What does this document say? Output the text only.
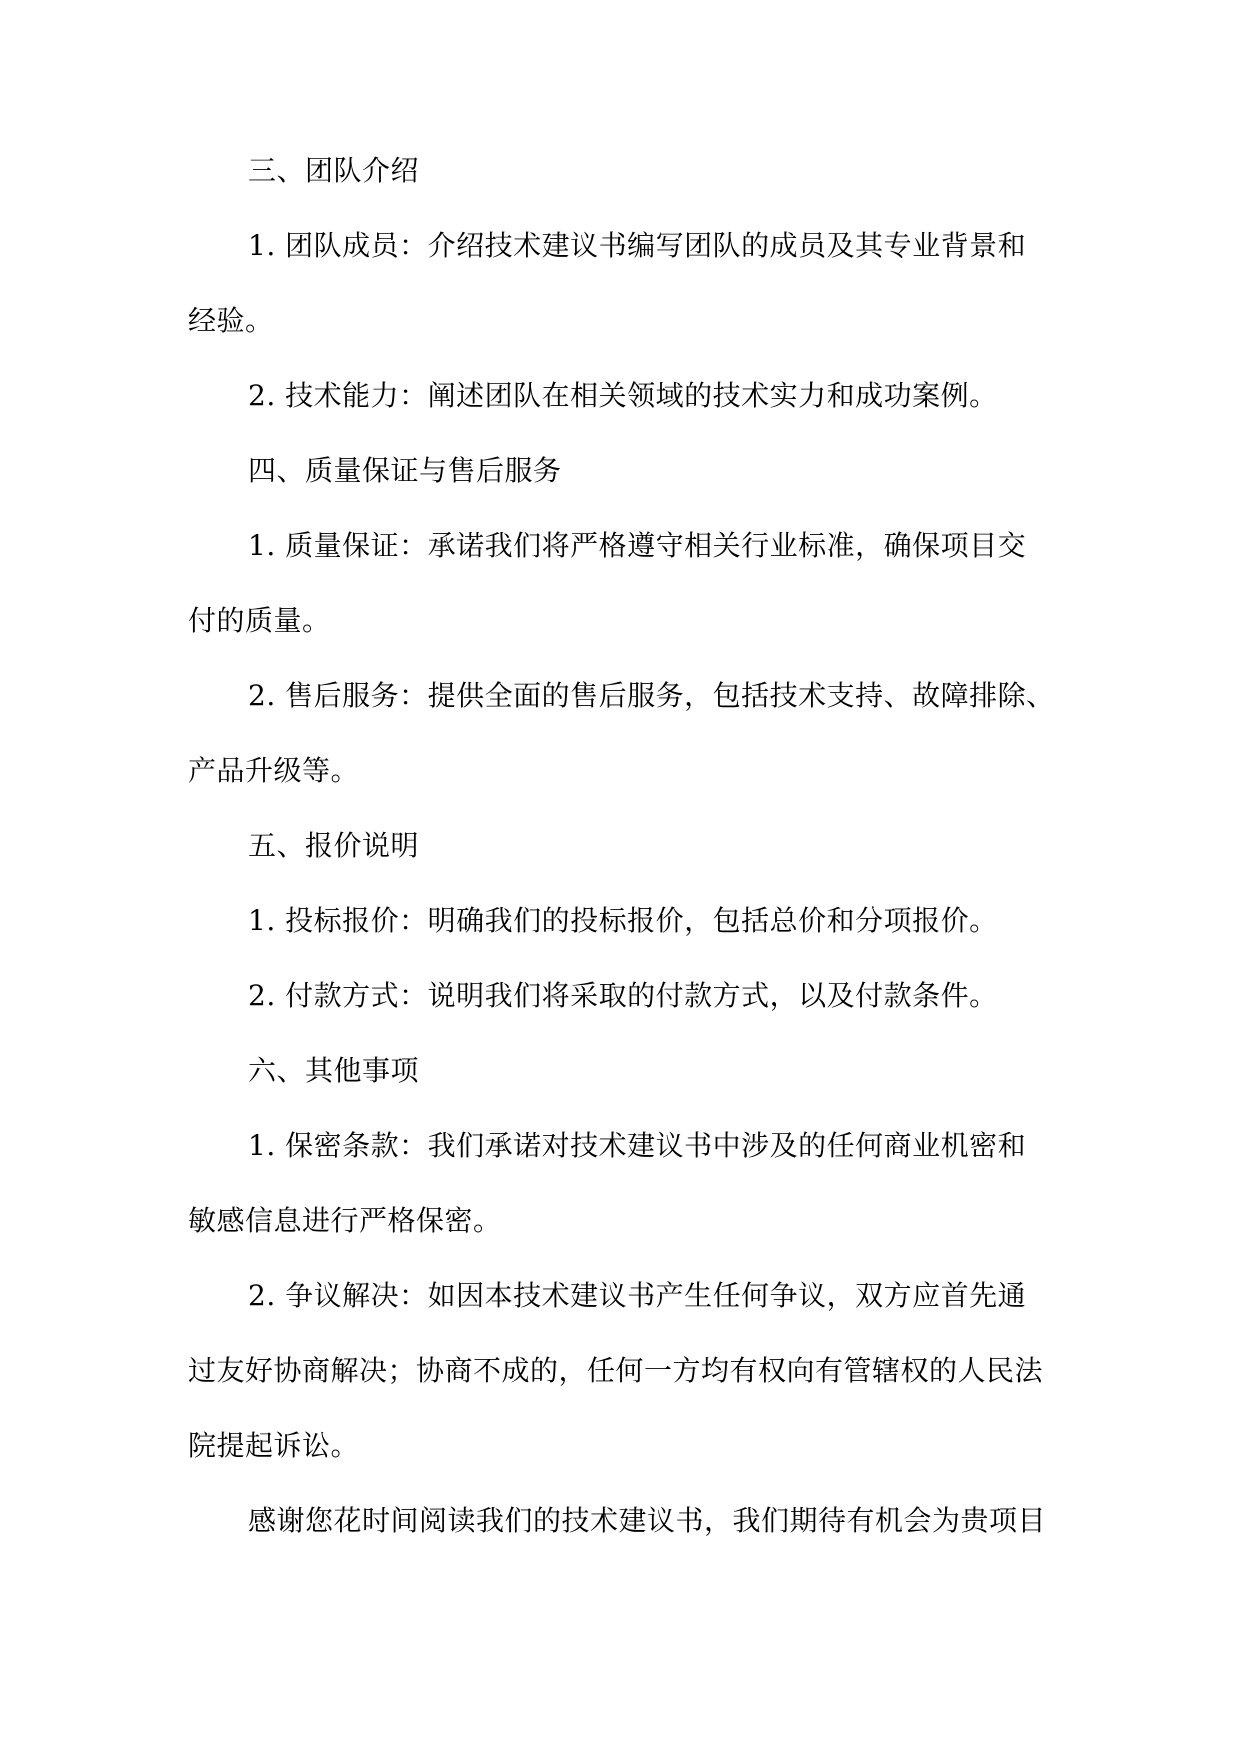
三、团队介绍

1. 团队成员：介绍技术建议书编写团队的成员及其专业背景和

经验。

2. 技术能力：阐述团队在相关领域的技术实力和成功案例。

四、质量保证与售后服务

1. 质量保证：承诺我们将严格遵守相关行业标准，确保项目交

付的质量。

2. 售后服务：提供全面的售后服务，包括技术支持、故障排除、

产品升级等。

五、报价说明

1. 投标报价：明确我们的投标报价，包括总价和分项报价。

2. 付款方式：说明我们将采取的付款方式，以及付款条件。

六、其他事项

1. 保密条款：我们承诺对技术建议书中涉及的任何商业机密和

敏感信息进行严格保密。

2. 争议解决：如因本技术建议书产生任何争议，双方应首先通

过友好协商解决；协商不成的，任何一方均有权向有管辖权的人民法

院提起诉讼。

感谢您花时间阅读我们的技术建议书，我们期待有机会为贵项目
